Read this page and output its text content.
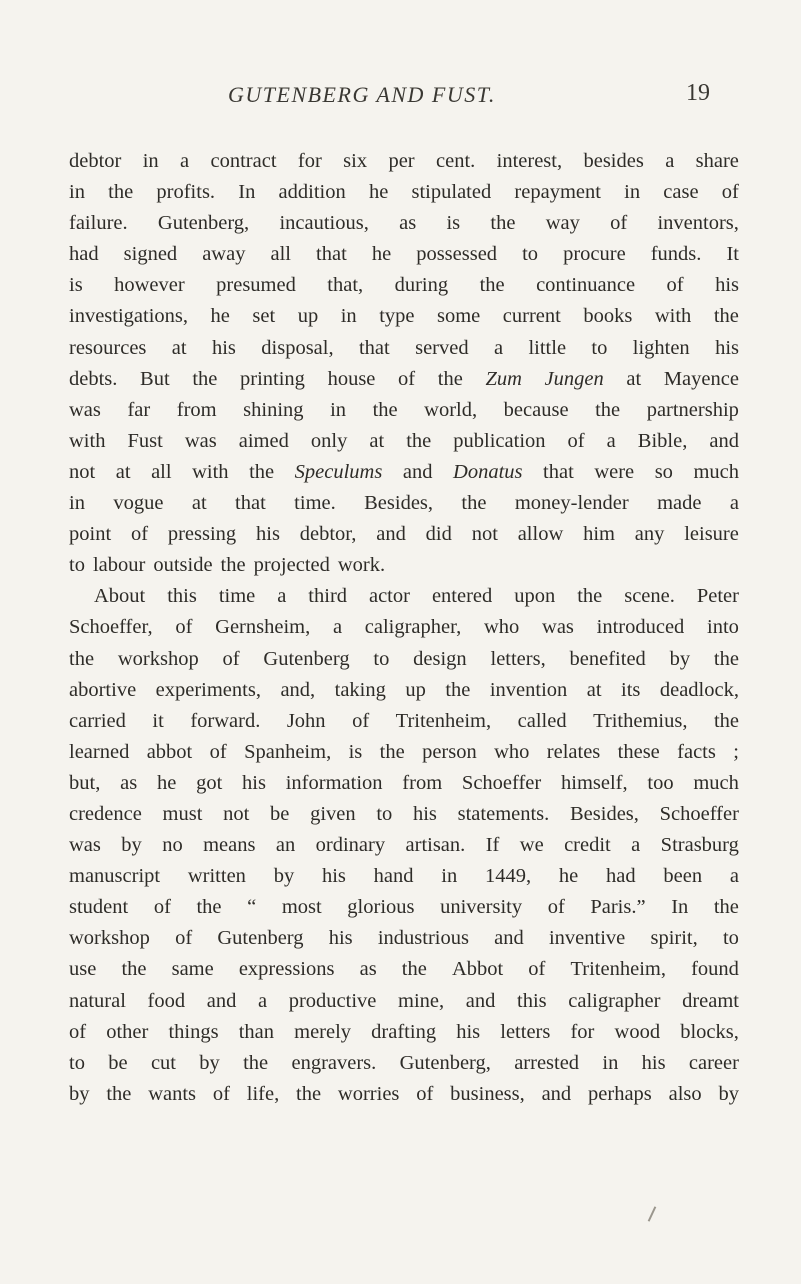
GUTENBERG AND FUST.	19
debtor in a contract for six per cent. interest, besides a share
in the profits. In addition he stipulated repayment in case of
failure. Gutenberg, incautious, as is the way of inventors,
had signed away all that he possessed to procure funds. It
is however presumed that, during the continuance of his
investigations, he set up in type some current books with the
resources at his disposal, that served a little to lighten his
debts. But the printing house of the Zum Jungen at Mayence
was far from shining in the world, because the partnership
with Fust was aimed only at the publication of a Bible, and
not at all with the Speculums and Donatus that were so much
in vogue at that time. Besides, the money-lender made a
point of pressing his debtor, and did not allow him any leisure
to labour outside the projected work.
About this time a third actor entered upon the scene. Peter
Schoeffer, of Gernsheim, a caligrapher, who was introduced into
the workshop of Gutenberg to design letters, benefited by the
abortive experiments, and, taking up the invention at its deadlock,
carried it forward. John of Tritenheim, called Trithemius, the
learned abbot of Spanheim, is the person who relates these facts ;
but, as he got his information from Schoeffer himself, too much
credence must not be given to his statements. Besides, Schoeffer
was by no means an ordinary artisan. If we credit a Strasburg
manuscript written by his hand in 1449, he had been a
student of the “ most glorious university of Paris.” In the
workshop of Gutenberg his industrious and inventive spirit, to
use the same expressions as the Abbot of Tritenheim, found
natural food and a productive mine, and this caligrapher dreamt
of other things than merely drafting his letters for wood blocks,
to be cut by the engravers. Gutenberg, arrested in his career
by the wants of life, the worries of business, and perhaps also by
